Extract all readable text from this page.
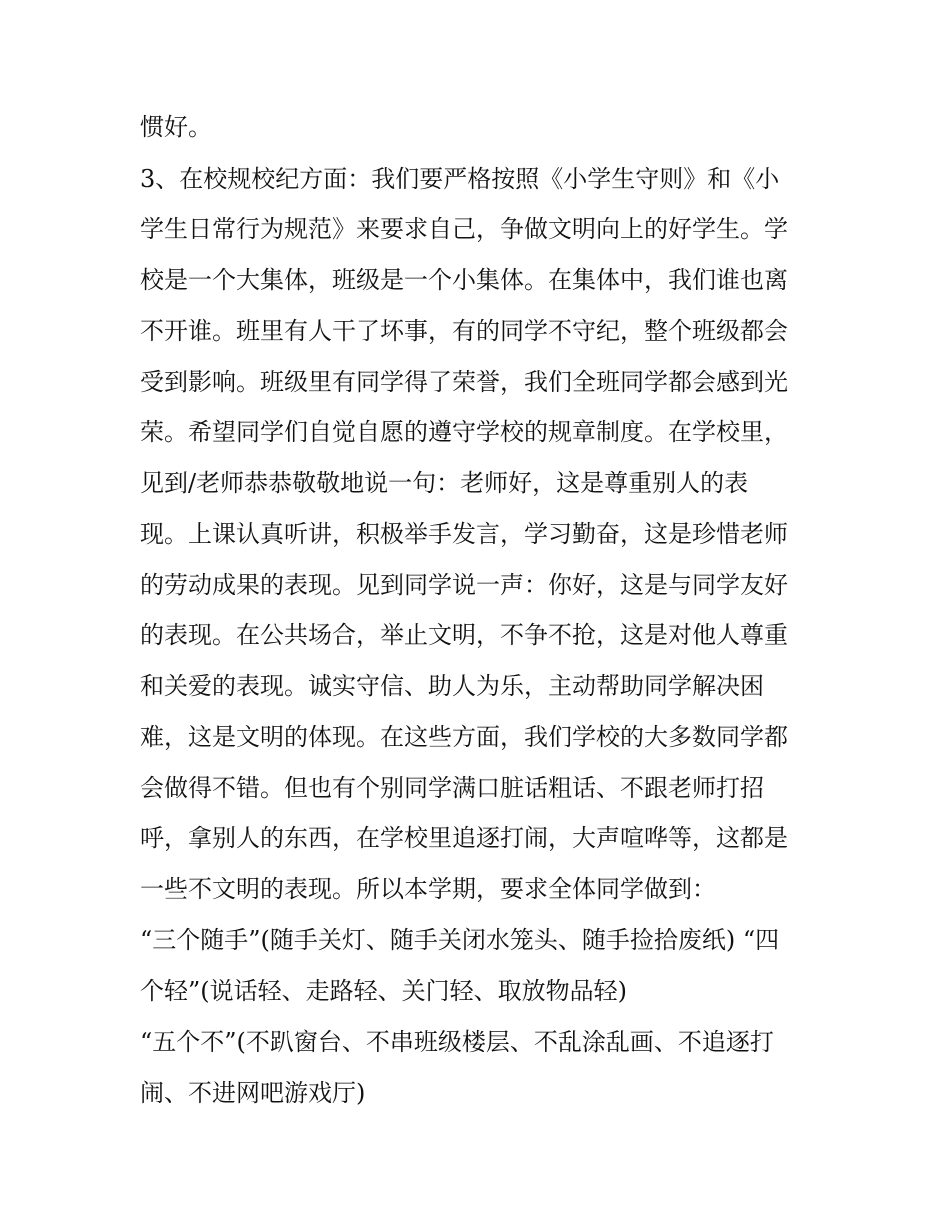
惯好。
3、在校规校纪方面：我们要严格按照《小学生守则》和《小
学生日常行为规范》来要求自己，争做文明向上的好学生。学
校是一个大集体，班级是一个小集体。在集体中，我们谁也离
不开谁。班里有人干了坏事，有的同学不守纪，整个班级都会
受到影响。班级里有同学得了荣誉，我们全班同学都会感到光
荣。希望同学们自觉自愿的遵守学校的规章制度。在学校里，
见到/老师恭恭敬敬地说一句：老师好，这是尊重别人的表
现。上课认真听讲，积极举手发言，学习勤奋，这是珍惜老师
的劳动成果的表现。见到同学说一声：你好，这是与同学友好
的表现。在公共场合，举止文明，不争不抢，这是对他人尊重
和关爱的表现。诚实守信、助人为乐，主动帮助同学解决困
难，这是文明的体现。在这些方面，我们学校的大多数同学都
会做得不错。但也有个别同学满口脏话粗话、不跟老师打招
呼，拿别人的东西，在学校里追逐打闹，大声喧哗等，这都是
一些不文明的表现。所以本学期，要求全体同学做到：
“三个随手”(随手关灯、随手关闭水笼头、随手捡拾废纸) “四
个轻”(说话轻、走路轻、关门轻、取放物品轻)
“五个不”(不趴窗台、不串班级楼层、不乱涂乱画、不追逐打
闹、不进网吧游戏厅)
